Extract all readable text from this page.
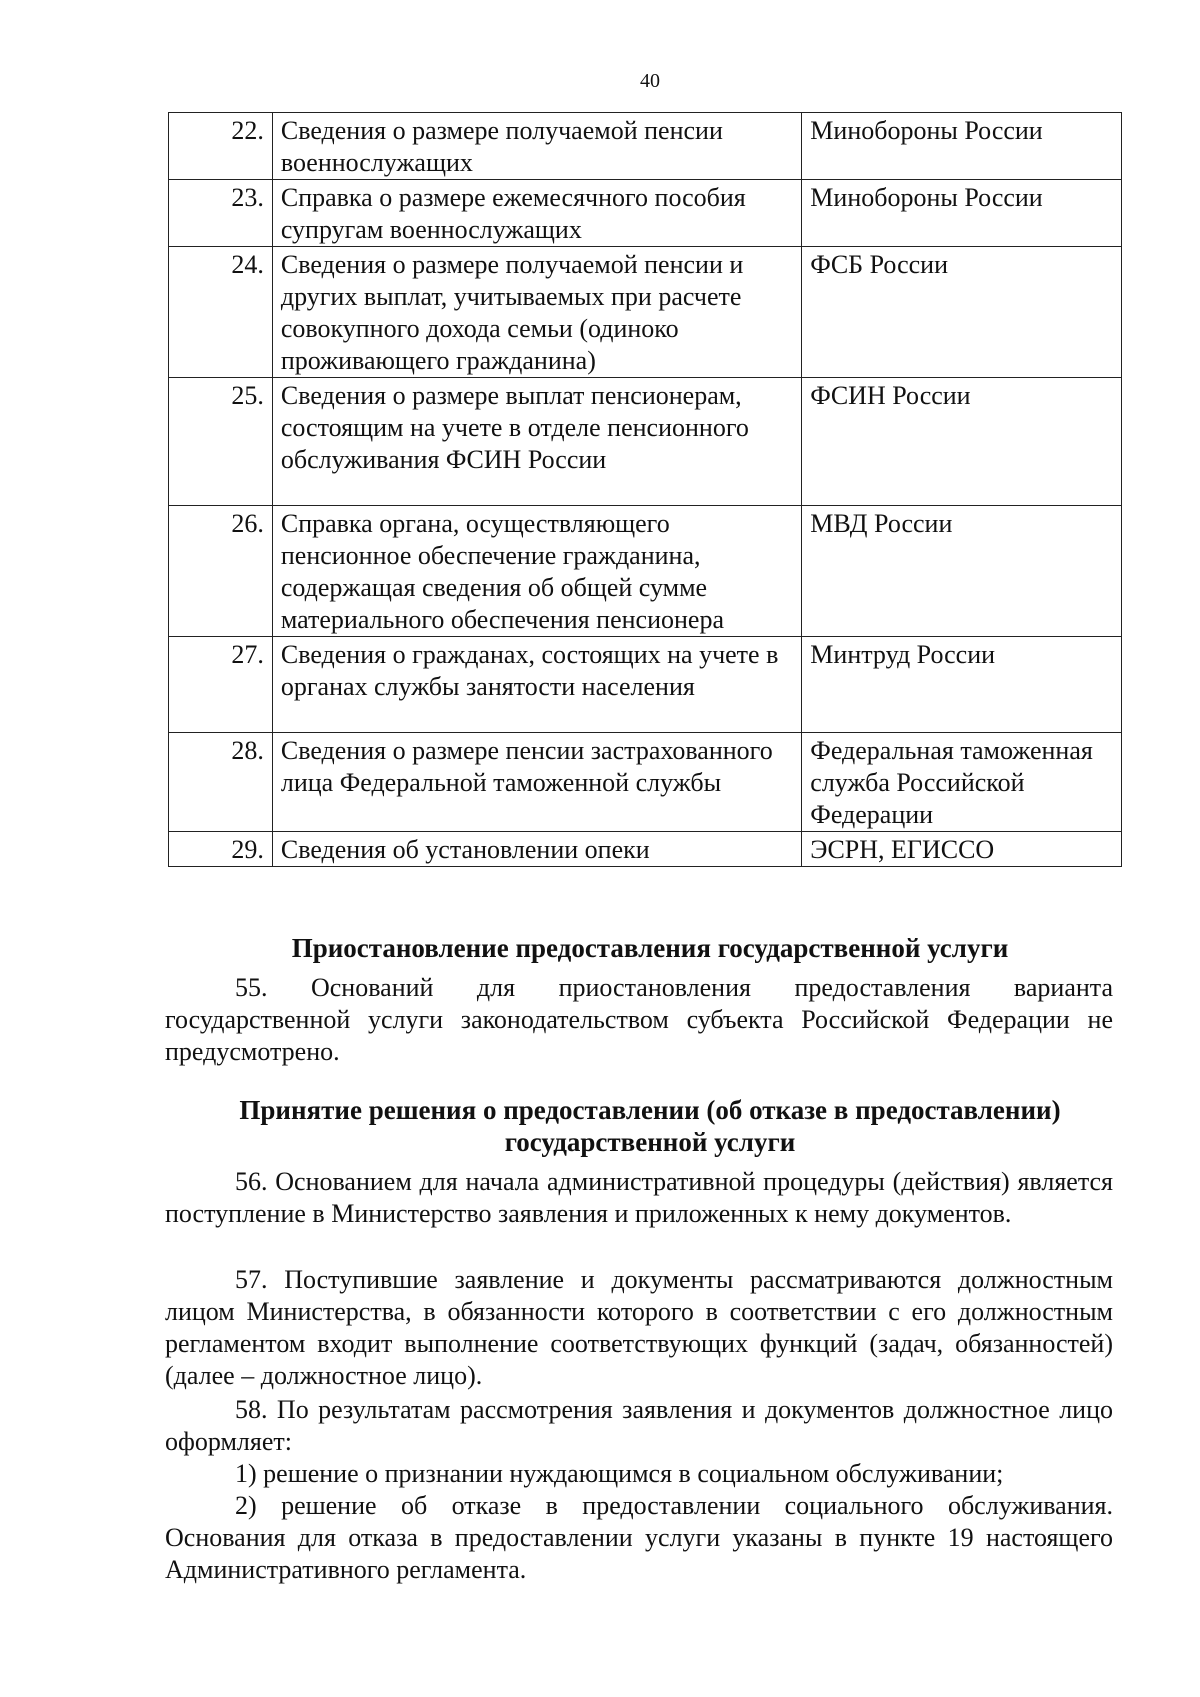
40
22.	Сведения о размере получаемой пенсии военнослужащих	Минобороны России
23.	Справка о размере ежемесячного пособия супругам военнослужащих	Минобороны России
24.	Сведения о размере получаемой пенсии и других выплат, учитываемых при расчете совокупного дохода семьи (одиноко проживающего гражданина)	ФСБ России
25.	Сведения о размере выплат пенсионерам, состоящим на учете в отделе пенсионного обслуживания ФСИН России	ФСИН России
26.	Справка органа, осуществляющего пенсионное обеспечение гражданина, содержащая сведения об общей сумме материального обеспечения пенсионера	МВД России
27.	Сведения о гражданах, состоящих на учете в органах службы занятости населения	Минтруд России
28.	Сведения о размере пенсии застрахованного лица Федеральной таможенной службы	Федеральная таможенная служба Российской Федерации
29.	Сведения об установлении опеки	ЭСРН, ЕГИССО
Приостановление предоставления государственной услуги

55. Оснований для приостановления предоставления варианта государственной услуги законодательством субъекта Российской Федерации не предусмотрено.

Принятие решения о предоставлении (об отказе в предоставлении)
государственной услуги

56. Основанием для начала административной процедуры (действия) является поступление в Министерство заявления и приложенных к нему документов.

57. Поступившие заявление и документы рассматриваются должностным лицом Министерства, в обязанности которого в соответствии с его должностным регламентом входит выполнение соответствующих функций (задач, обязанностей) (далее – должностное лицо).

58. По результатам рассмотрения заявления и документов должностное лицо оформляет:

1) решение о признании нуждающимся в социальном обслуживании;

2) решение об отказе в предоставлении социального обслуживания. Основания для отказа в предоставлении услуги указаны в пункте 19 настоящего Административного регламента.
